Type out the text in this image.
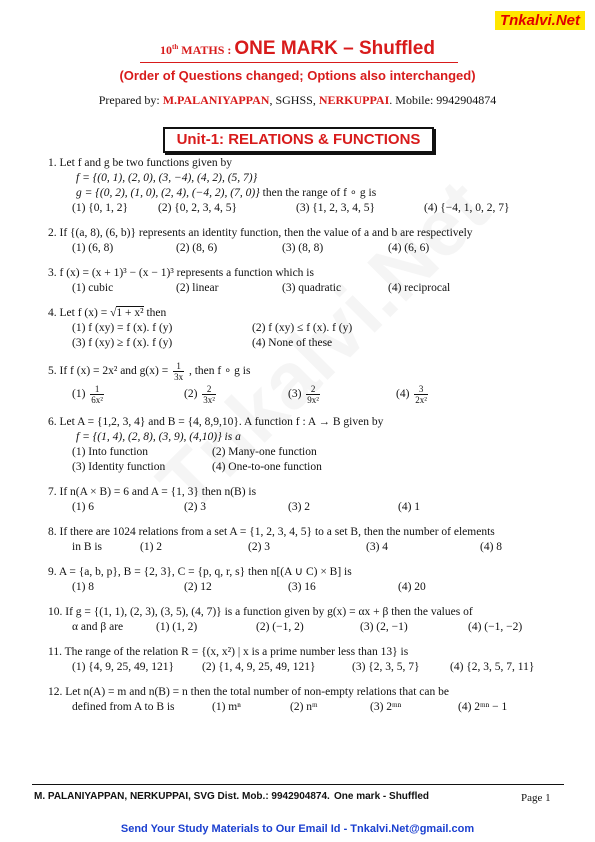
Tnkalvi.Net
10th MATHS : ONE MARK – Shuffled
(Order of Questions changed; Options also interchanged)
Prepared by: M.PALANIYAPPAN, SGHSS, NERKUPPAI. Mobile: 9942904874
Unit-1: RELATIONS & FUNCTIONS
1. Let f and g be two functions given by
f = {(0, 1), (2, 0), (3, −4), (4, 2), (5, 7)}
g = {(0, 2), (1, 0), (2, 4), (−4, 2), (7, 0)} then the range of f ∘ g is
(1) {0, 1, 2}	(2) {0, 2, 3, 4, 5}	(3) {1, 2, 3, 4, 5}	(4) {−4, 1, 0, 2, 7}
2. If {(a, 8), (6, b)} represents an identity function, then the value of a and b are respectively
(1) (6, 8)	(2) (8, 6)	(3) (8, 8)	(4) (6, 6)
3. f (x) = (x + 1)³ − (x − 1)³ represents a function which is
(1) cubic	(2) linear	(3) quadratic	(4) reciprocal
4. Let f (x) = √1 + x² then
(1) f (xy) = f (x). f (y)	(2) f (xy) ≤ f (x). f (y)
(3) f (xy) ≥ f (x). f (y)	(4) None of these
5. If f (x) = 2x² and $g(x) = \frac{1}{3x}$ , then f ∘ g is
$(1) \frac{1}{\text{6x²}}$	$(2) \frac{2}{\text{3x²}}$	$(3) \frac{2}{\text{9x²}}$	$(4) \frac{3}{\text{2x²}}$
6. Let A = {1,2, 3, 4} and B = {4, 8,9,10}. A function f : A → B given by
f = {(1, 4), (2, 8), (3, 9), (4,10)} is a
(1) Into function	(2) Many-one function
(3) Identity function	(4) One-to-one function
7. If n(A × B) = 6 and A = {1, 3} then n(B) is
(1) 6	(2) 3	(3) 2	(4) 1
8. If there are 1024 relations from a set A = {1, 2, 3, 4, 5} to a set B, then the number of elements
in B is	(1) 2	(2) 3	(3) 4	(4) 8
9. A = {a, b, p}, B = {2, 3}, C = {p, q, r, s} then n[(A ∪ C) × B] is
(1) 8	(2) 12	(3) 16	(4) 20
10. If g = {(1, 1), (2, 3), (3, 5), (4, 7)} is a function given by g(x) = αx + β then the values of
α and β are	(1) (1, 2)	(2) (−1, 2)	(3) (2, −1)	(4) (−1, −2)
11. The range of the relation R = {(x, x²) | x is a prime number less than 13} is
(1) {4, 9, 25, 49, 121}	(2) {1, 4, 9, 25, 49, 121}	(3) {2, 3, 5, 7}	(4) {2, 3, 5, 7, 11}
12. Let n(A) = m and n(B) = n then the total number of non-empty relations that can be
defined from A to B is	(1) mⁿ	(2) nᵐ	(3) 2ᵐⁿ	(4) 2ᵐⁿ − 1
M. PALANIYAPPAN, NERKUPPAI, SVG Dist. Mob.: 9942904874. One mark - Shuffled	Page 1
Send Your Study Materials to Our Email Id - Tnkalvi.Net@gmail.com
